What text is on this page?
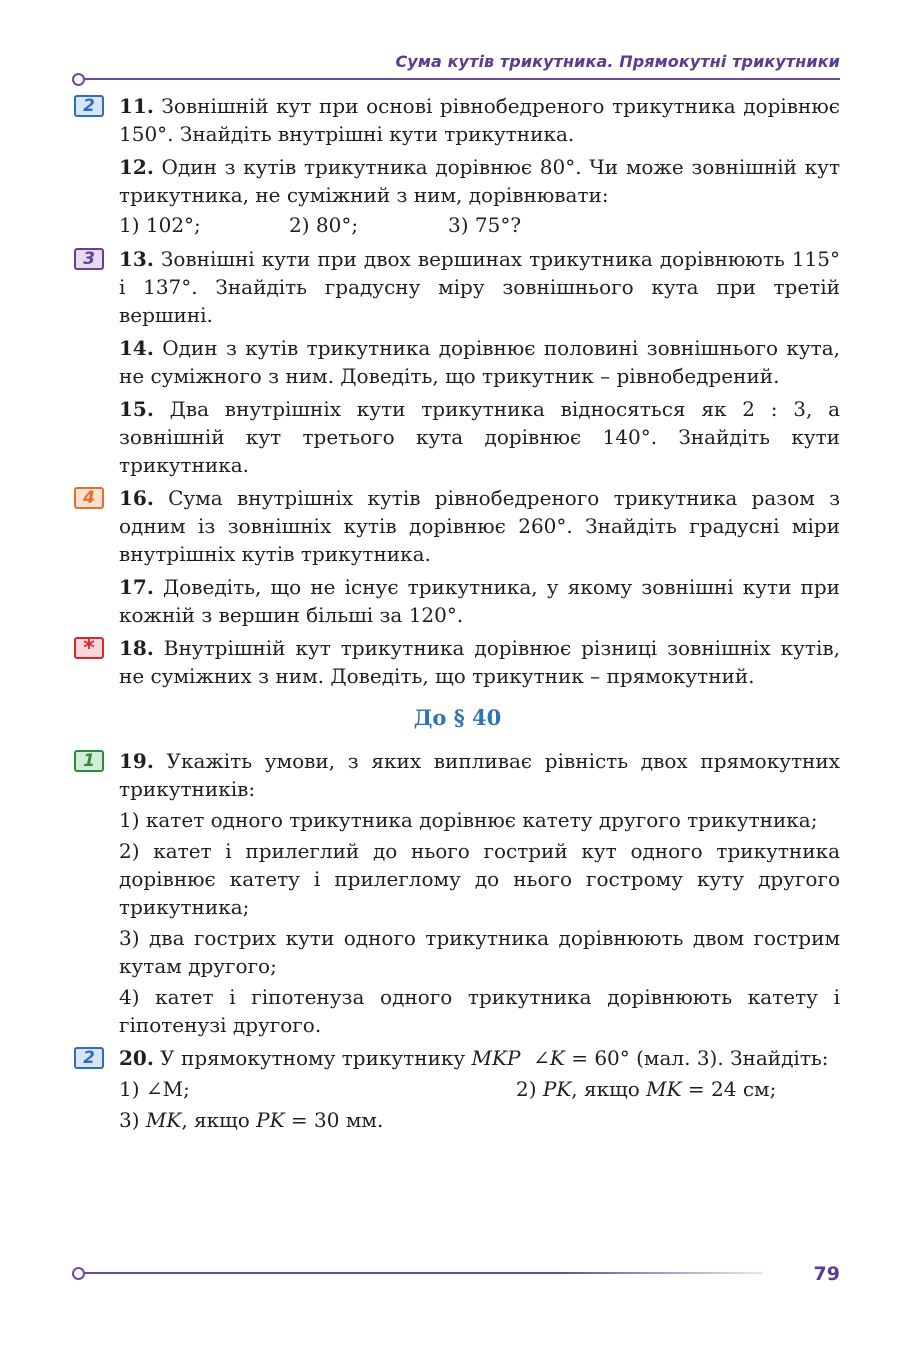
Сума кутів трикутника. Прямокутні трикутники
2	11. Зовнішній кут при основі рівнобедреного трикутника дорівнює 150°. Знайдіть внутрішні кути трикутника.
12. Один з кутів трикутника дорівнює 80°. Чи може зовнішній кут трикутника, не суміжний з ним, дорівнювати:
1) 102°;	2) 80°;	3) 75°?
3	13. Зовнішні кути при двох вершинах трикутника дорівнюють 115° і 137°. Знайдіть градусну міру зовнішнього кута при третій вершині.
14. Один з кутів трикутника дорівнює половині зовнішнього кута, не суміжного з ним. Доведіть, що трикутник – рівнобедрений.
15. Два внутрішніх кути трикутника відносяться як 2 : 3, а зовнішній кут третього кута дорівнює 140°. Знайдіть кути трикутника.
4	16. Сума внутрішніх кутів рівнобедреного трикутника разом з одним із зовнішніх кутів дорівнює 260°. Знайдіть градусні міри внутрішніх кутів трикутника.
17. Доведіть, що не існує трикутника, у якому зовнішні кути при кожній з вершин більші за 120°.
*	18. Внутрішній кут трикутника дорівнює різниці зовнішніх кутів, не суміжних з ним. Доведіть, що трикутник – прямокутний.
До § 40
1	19. Укажіть умови, з яких випливає рівність двох прямокутних трикутників:
1) катет одного трикутника дорівнює катету другого трикутника;
2) катет і прилеглий до нього гострий кут одного трикутника дорівнює катету і прилеглому до нього гострому куту другого трикутника;
3) два гострих кути одного трикутника дорівнюють двом гострим кутам другого;
4) катет і гіпотенуза одного трикутника дорівнюють катету і гіпотенузі другого.
2	20. У прямокутному трикутнику MKP ∠K = 60° (мал. 3). Знайдіть:
1) ∠M;	2) PK, якщо MK = 24 см;
3) MK, якщо PK = 30 мм.
79
